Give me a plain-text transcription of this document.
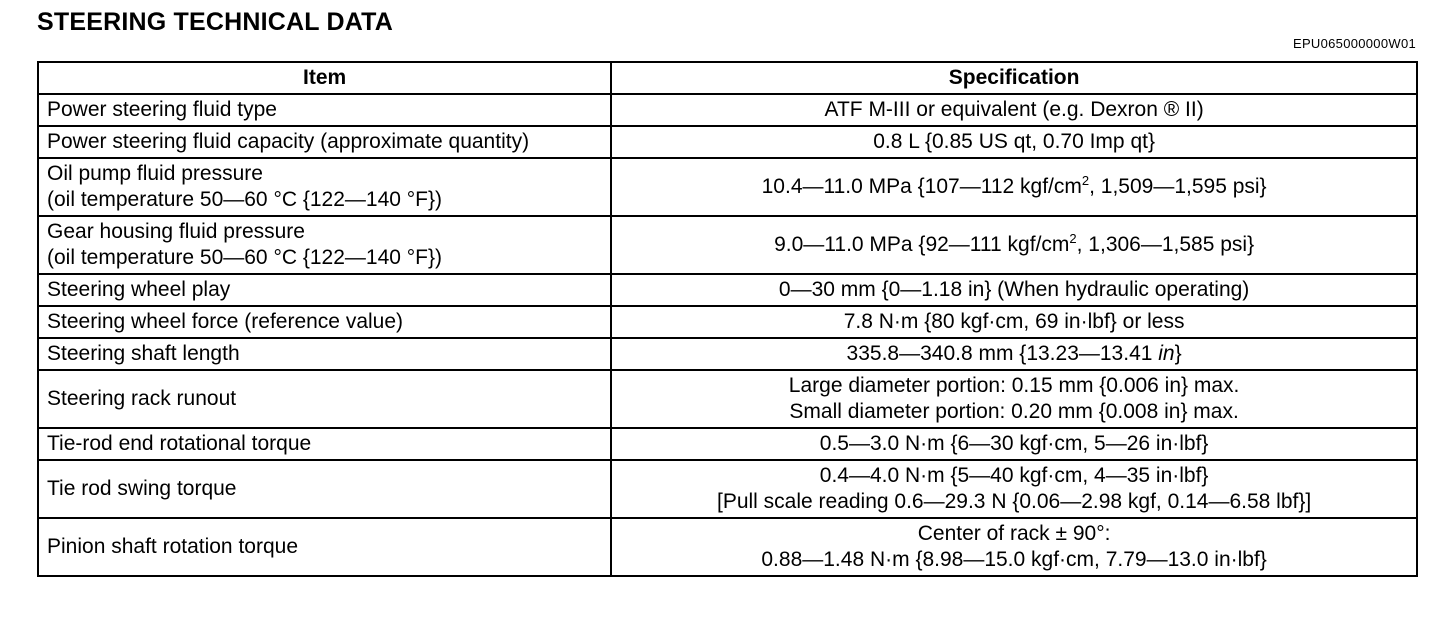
STEERING TECHNICAL DATA
EPU065000000W01
Item	Specification

Power steering fluid type	ATF M-III or equivalent (e.g. Dexron ® II)

Power steering fluid capacity (approximate quantity)	0.8 L {0.85 US qt, 0.70 Imp qt}

Oil pump fluid pressure
(oil temperature 50—60 °C {122—140 °F})	10.4—11.0 MPa {107—112 kgf/$cm^2$, 1,509—1,595 psi}

Gear housing fluid pressure
(oil temperature 50—60 °C {122—140 °F})	9.0—11.0 MPa {92—111 kgf/$cm^2$, 1,306—1,585 psi}

Steering wheel play	0—30 mm {0—1.18 in} (When hydraulic operating)

Steering wheel force (reference value)	7.8 N·m {80 kgf·cm, 69 in·lbf} or less

Steering shaft length	335.8—340.8 mm {13.23—13.41 in}

Steering rack runout	Large diameter portion: 0.15 mm {0.006 in} max.
Small diameter portion: 0.20 mm {0.008 in} max.

Tie-rod end rotational torque	0.5—3.0 N·m {6—30 kgf·cm, 5—26 in·lbf}

Tie rod swing torque	0.4—4.0 N·m {5—40 kgf·cm, 4—35 in·lbf}
[Pull scale reading 0.6—29.3 N {0.06—2.98 kgf, 0.14—6.58 lbf}]

Pinion shaft rotation torque	Center of rack ± 90°:
0.88—1.48 N·m {8.98—15.0 kgf·cm, 7.79—13.0 in·lbf}
